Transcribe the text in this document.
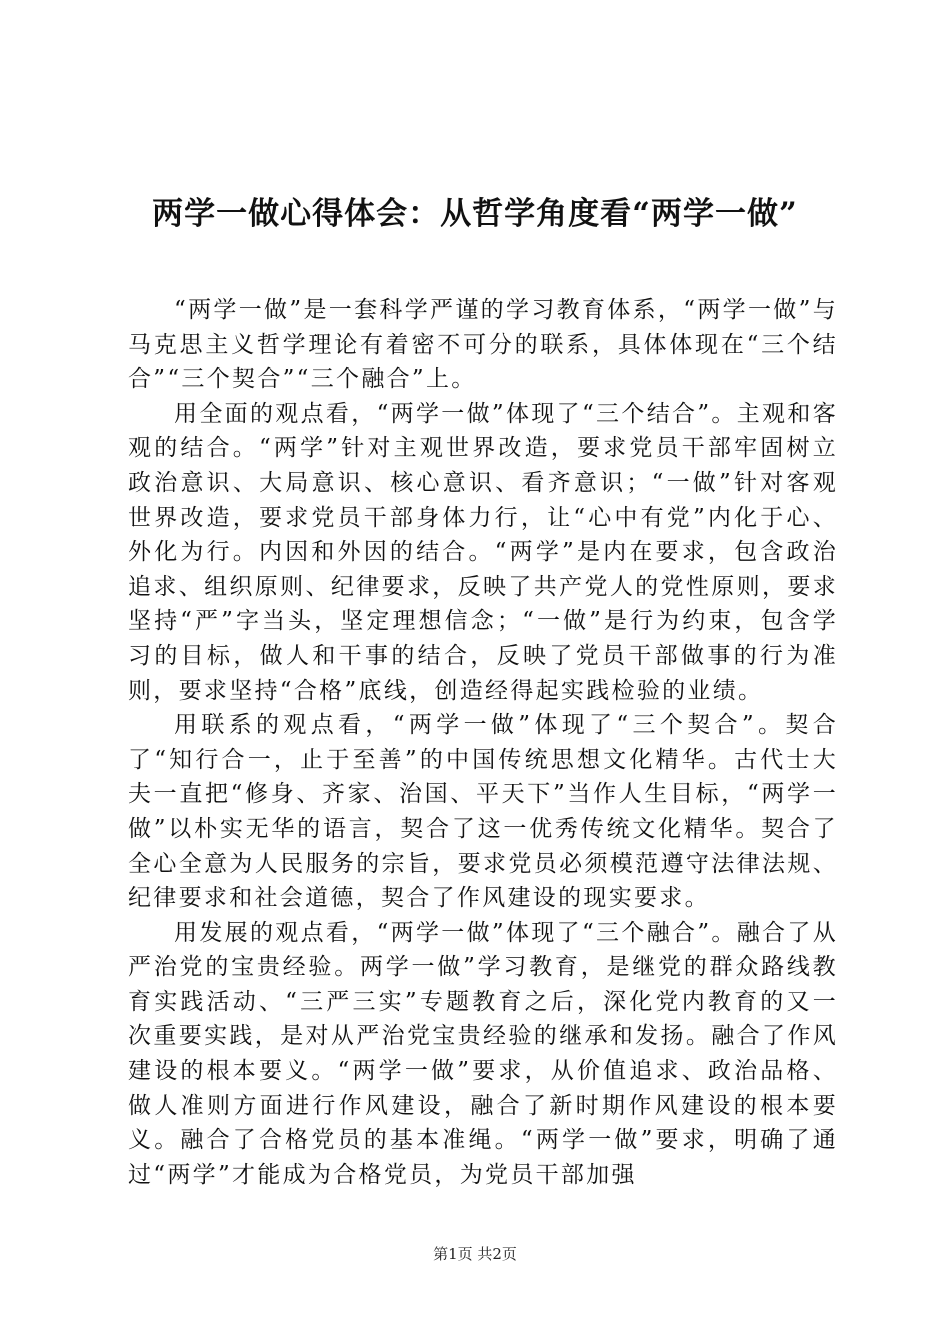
两学一做心得体会：从哲学角度看“两学一做”

“两学一做”是一套科学严谨的学习教育体系，“两学一做”与马克思主义哲学理论有着密不可分的联系，具体体现在“三个结合”“三个契合”“三个融合”上。

用全面的观点看，“两学一做”体现了“三个结合”。主观和客观的结合。“两学”针对主观世界改造，要求党员干部牢固树立政治意识、大局意识、核心意识、看齐意识；“一做”针对客观世界改造，要求党员干部身体力行，让“心中有党”内化于心、外化为行。内因和外因的结合。“两学”是内在要求，包含政治追求、组织原则、纪律要求，反映了共产党人的党性原则，要求坚持“严”字当头，坚定理想信念；“一做”是行为约束，包含学习的目标，做人和干事的结合，反映了党员干部做事的行为准则，要求坚持“合格”底线，创造经得起实践检验的业绩。

用联系的观点看，“两学一做”体现了“三个契合”。契合了“知行合一，止于至善”的中国传统思想文化精华。古代士大夫一直把“修身、齐家、治国、平天下”当作人生目标，“两学一做”以朴实无华的语言，契合了这一优秀传统文化精华。契合了全心全意为人民服务的宗旨，要求党员必须模范遵守法律法规、纪律要求和社会道德，契合了作风建设的现实要求。

用发展的观点看，“两学一做”体现了“三个融合”。融合了从严治党的宝贵经验。两学一做”学习教育，是继党的群众路线教育实践活动、“三严三实”专题教育之后，深化党内教育的又一次重要实践，是对从严治党宝贵经验的继承和发扬。融合了作风建设的根本要义。“两学一做”要求，从价值追求、政治品格、做人准则方面进行作风建设，融合了新时期作风建设的根本要义。融合了合格党员的基本准绳。“两学一做”要求，明确了通过“两学”才能成为合格党员，为党员干部加强

第1页 共2页
